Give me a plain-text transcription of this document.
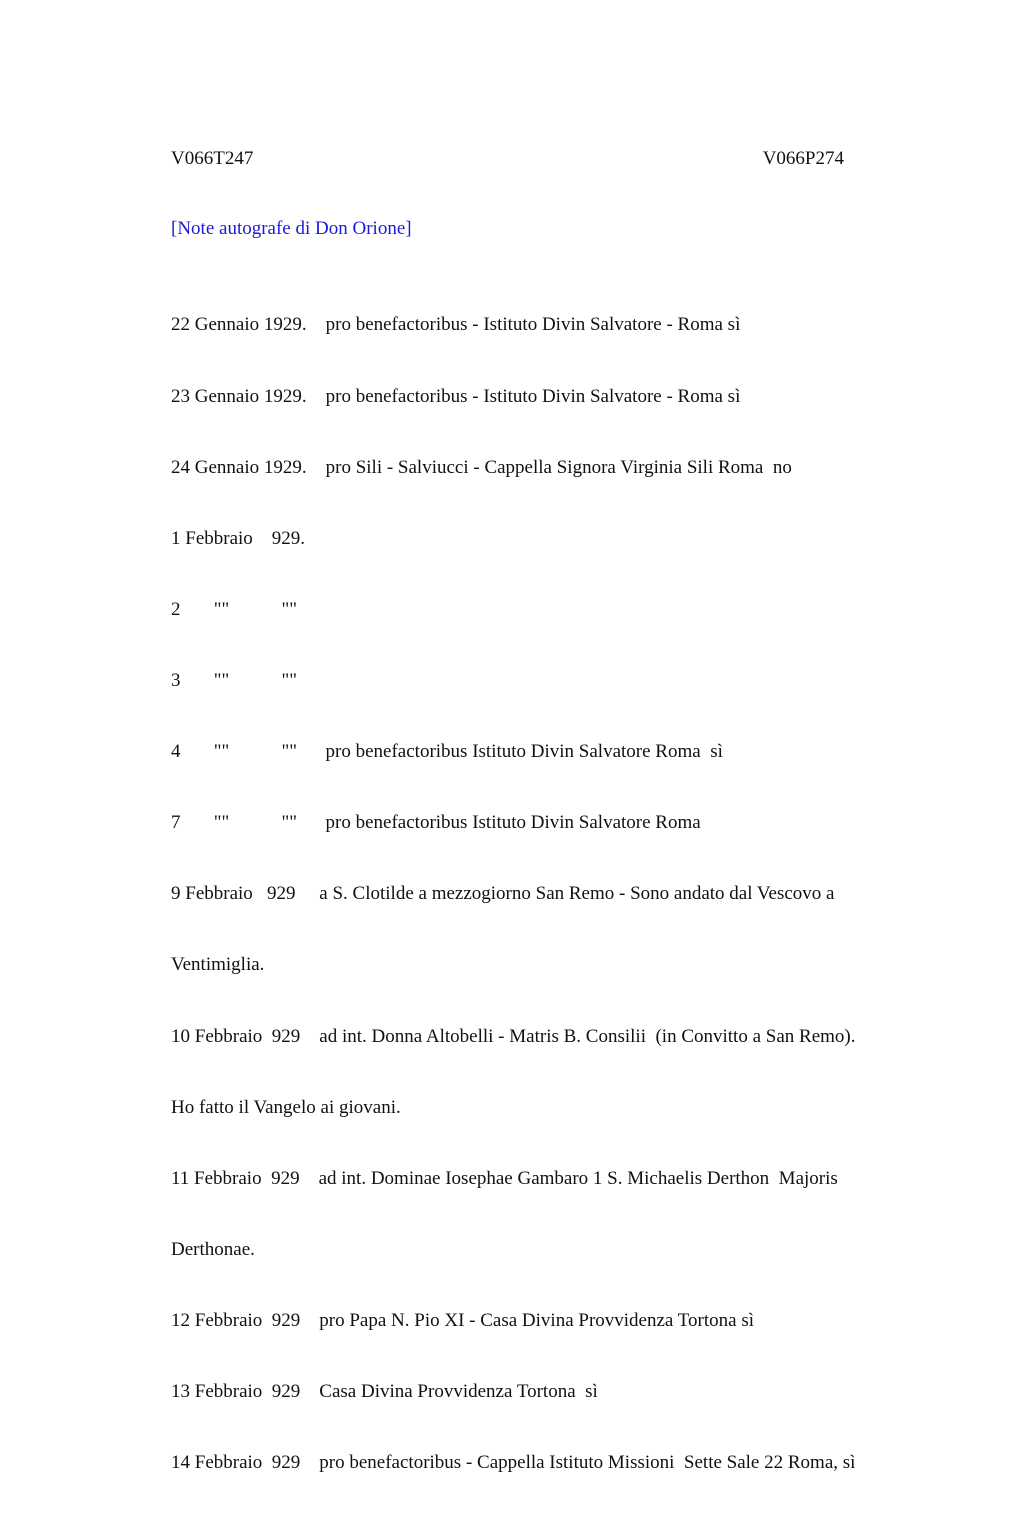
V066T247	V066P274
[Note autografe di Don Orione]

22 Gennaio 1929.    pro benefactoribus - Istituto Divin Salvatore - Roma sì

23 Gennaio 1929.    pro benefactoribus - Istituto Divin Salvatore - Roma sì

24 Gennaio 1929.    pro Sili - Salviucci - Cappella Signora Virginia Sili Roma  no

1 Febbraio    929.

2       ""           ""

3       ""           ""

4       ""           ""      pro benefactoribus Istituto Divin Salvatore Roma  sì

7       ""           ""      pro benefactoribus Istituto Divin Salvatore Roma

9 Febbraio   929     a S. Clotilde a mezzogiorno San Remo - Sono andato dal Vescovo a

Ventimiglia.

10 Febbraio  929    ad int. Donna Altobelli - Matris B. Consilii  (in Convitto a San Remo).

Ho fatto il Vangelo ai giovani.

11 Febbraio  929    ad int. Dominae Iosephae Gambaro 1 S. Michaelis Derthon  Majoris

Derthonae.

12 Febbraio  929    pro Papa N. Pio XI - Casa Divina Provvidenza Tortona sì

13 Febbraio  929    Casa Divina Provvidenza Tortona  sì

14 Febbraio  929    pro benefactoribus - Cappella Istituto Missioni  Sette Sale 22 Roma, sì
